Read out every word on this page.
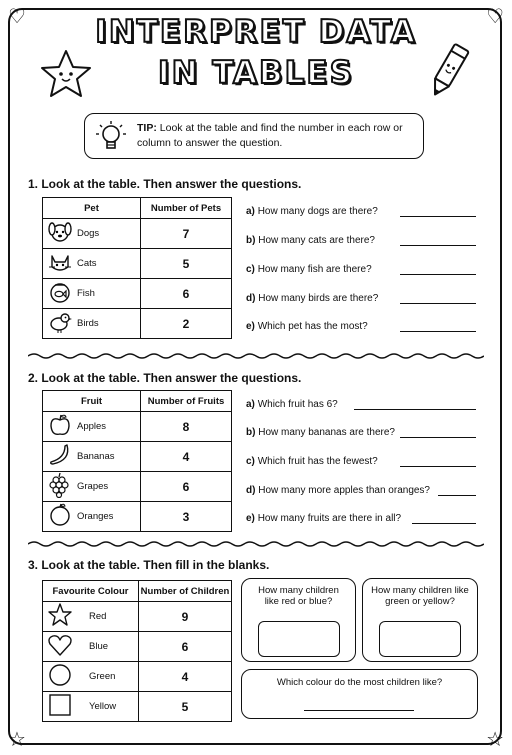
♡	♡
☆	☆
INTERPRET DATA
IN TABLES
TIP: Look at the table and find the number in each row or column to answer the question.
1. Look at the table. Then answer the questions.
Pet		Number of Pets
	Dogs	7
	Cats	5
	Fish	6
	Birds	2
a) How many dogs are there?
b) How many cats are there?
c) How many fish are there?
d) How many birds are there?
e) Which pet has the most?
2. Look at the table. Then answer the questions.
Fruit		Number of Fruits
	Apples	8
	Bananas	4
	Grapes	6
	Oranges	3
a) Which fruit has 6?
b) How many bananas are there?
c) Which fruit has the fewest?
d) How many more apples than oranges?
e) How many fruits are there in all?
3. Look at the table. Then fill in the blanks.
Favourite Colour		Number of Children
	Red	9
	Blue	6
	Green	4
	Yellow	5
How many children like red or blue?
How many children like green or yellow?
Which colour do the most children like?
